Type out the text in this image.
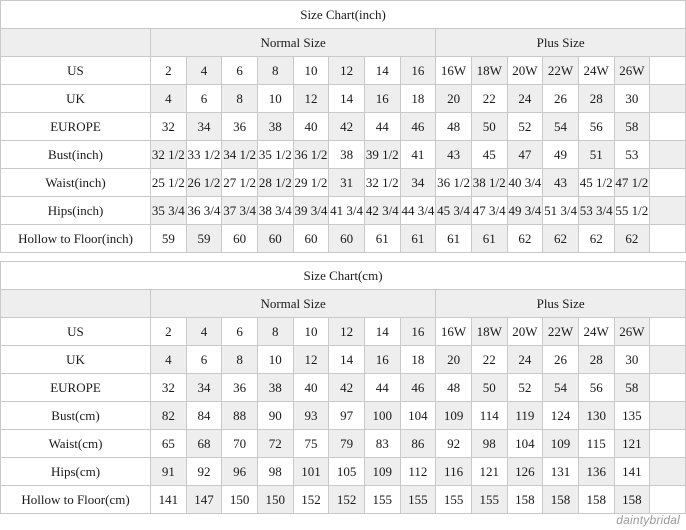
Size Chart(inch)															
	Normal Size								Plus Size						
US	2	4	6	8	10	12	14	16	16W	18W	20W	22W	24W	26W	
UK	4	6	8	10	12	14	16	18	20	22	24	26	28	30	
EUROPE	32	34	36	38	40	42	44	46	48	50	52	54	56	58	
Bust(inch)	32 1/2	33 1/2	34 1/2	35 1/2	36 1/2	38	39 1/2	41	43	45	47	49	51	53	
Waist(inch)	25 1/2	26 1/2	27 1/2	28 1/2	29 1/2	31	32 1/2	34	36 1/2	38 1/2	40 3/4	43	45 1/2	47 1/2	
Hips(inch)	35 3/4	36 3/4	37 3/4	38 3/4	39 3/4	41 3/4	42 3/4	44 3/4	45 3/4	47 3/4	49 3/4	51 3/4	53 3/4	55 1/2	
Hollow to Floor(inch)	59	59	60	60	60	60	61	61	61	61	62	62	62	62	
Size Chart(cm)															
	Normal Size								Plus Size						
US	2	4	6	8	10	12	14	16	16W	18W	20W	22W	24W	26W	
UK	4	6	8	10	12	14	16	18	20	22	24	26	28	30	
EUROPE	32	34	36	38	40	42	44	46	48	50	52	54	56	58	
Bust(cm)	82	84	88	90	93	97	100	104	109	114	119	124	130	135	
Waist(cm)	65	68	70	72	75	79	83	86	92	98	104	109	115	121	
Hips(cm)	91	92	96	98	101	105	109	112	116	121	126	131	136	141	
Hollow to Floor(cm)	141	147	150	150	152	152	155	155	155	155	158	158	158	158	
daintybridal
